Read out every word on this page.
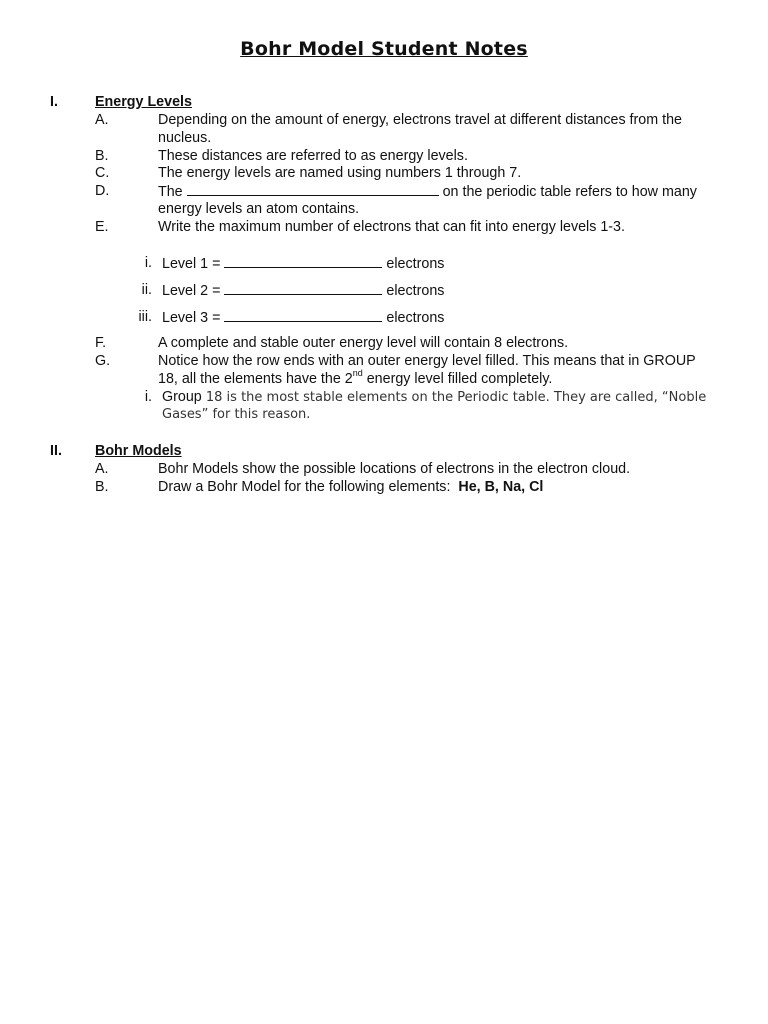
Bohr Model Student Notes
I.	Energy Levels
A.	Depending on the amount of energy, electrons travel at different distances from the
nucleus.
B.	These distances are referred to as energy levels.
C.	The energy levels are named using numbers 1 through 7.
D.	The	on the periodic table refers to how many
energy levels an atom contains.
E.	Write the maximum number of electrons that can fit into energy levels 1-3.
i. Level 1 =	electrons
ii. Level 2 =	electrons
iii. Level 3 =	electrons
F.	A complete and stable outer energy level will contain 8 electrons.
G.	Notice how the row ends with an outer energy level filled. This means that in GROUP
18, all the elements have the 2nd energy level filled completely.
i. Group 18 is the most stable elements on the Periodic table. They are called, “Noble
Gases” for this reason.
II. Bohr Models
A.	Bohr Models show the possible locations of electrons in the electron cloud.
B.	Draw a Bohr Model for the following elements:  He, B, Na, Cl
